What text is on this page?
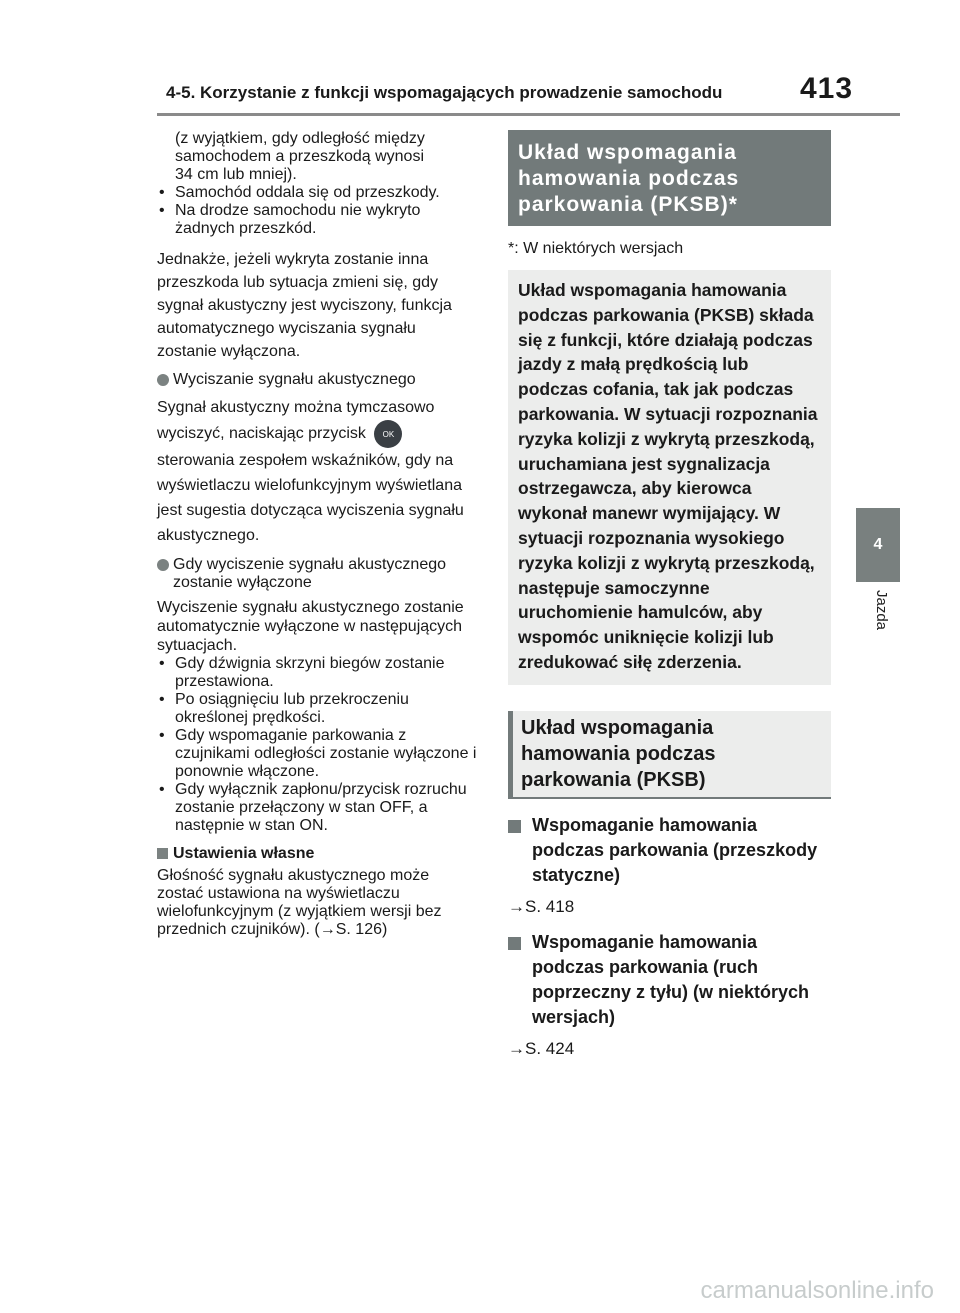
4-5. Korzystanie z funkcji wspomagających prowadzenie samochodu	413
4
Jazda

(z wyjątkiem, gdy odległość między

samochodem a przeszkodą wynosi

34 cm lub mniej).

• Samochód oddala się od przeszkody.

• Na drodze samochodu nie wykryto żadnych przeszkód.

Jednakże, jeżeli wykryta zostanie inna przeszkoda lub sytuacja zmieni się, gdy sygnał akustyczny jest wyciszony, funkcja automatycznego wyciszania sygnału zostanie wyłączona.

Wyciszanie sygnału akustycznego

Sygnał akustyczny można tymczasowo wyciszyć, naciskając przycisk OK sterowania zespołem wskaźników, gdy na wyświetlaczu wielofunkcyjnym wyświetlana jest sugestia dotycząca wyciszenia sygnału akustycznego.

Gdy wyciszenie sygnału akustycznego zostanie wyłączone

Wyciszenie sygnału akustycznego zostanie automatycznie wyłączone w następujących sytuacjach.

• Gdy dźwignia skrzyni biegów zostanie przestawiona.

• Po osiągnięciu lub przekroczeniu określonej prędkości.

• Gdy wspomaganie parkowania z czujnikami odległości zostanie wyłączone i ponownie włączone.

• Gdy wyłącznik zapłonu/przycisk rozruchu zostanie przełączony w stan OFF, a następnie w stan ON.

Ustawienia własne

Głośność sygnału akustycznego może zostać ustawiona na wyświetlaczu wielofunkcyjnym (z wyjątkiem wersji bez przednich czujników). (→S. 126)

Układ wspomagania hamowania podczas parkowania (PKSB)*

*: W niektórych wersjach

Układ wspomagania hamowania podczas parkowania (PKSB) składa się z funkcji, które działają podczas jazdy z małą prędkością lub podczas cofania, tak jak podczas parkowania. W sytuacji rozpoznania ryzyka kolizji z wykrytą przeszkodą, uruchamiana jest sygnalizacja ostrzegawcza, aby kierowca wykonał manewr wymijający. W sytuacji rozpoznania wysokiego ryzyka kolizji z wykrytą przeszkodą, następuje samoczynne uruchomienie hamulców, aby wspomóc uniknięcie kolizji lub zredukować siłę zderzenia.
Układ wspomagania hamowania podczas parkowania (PKSB)
Wspomaganie hamowania podczas parkowania (przeszkody statyczne)

→S. 418

Wspomaganie hamowania podczas parkowania (ruch poprzeczny z tyłu) (w niektórych wersjach)

→S. 424

carmanualsonline.info
